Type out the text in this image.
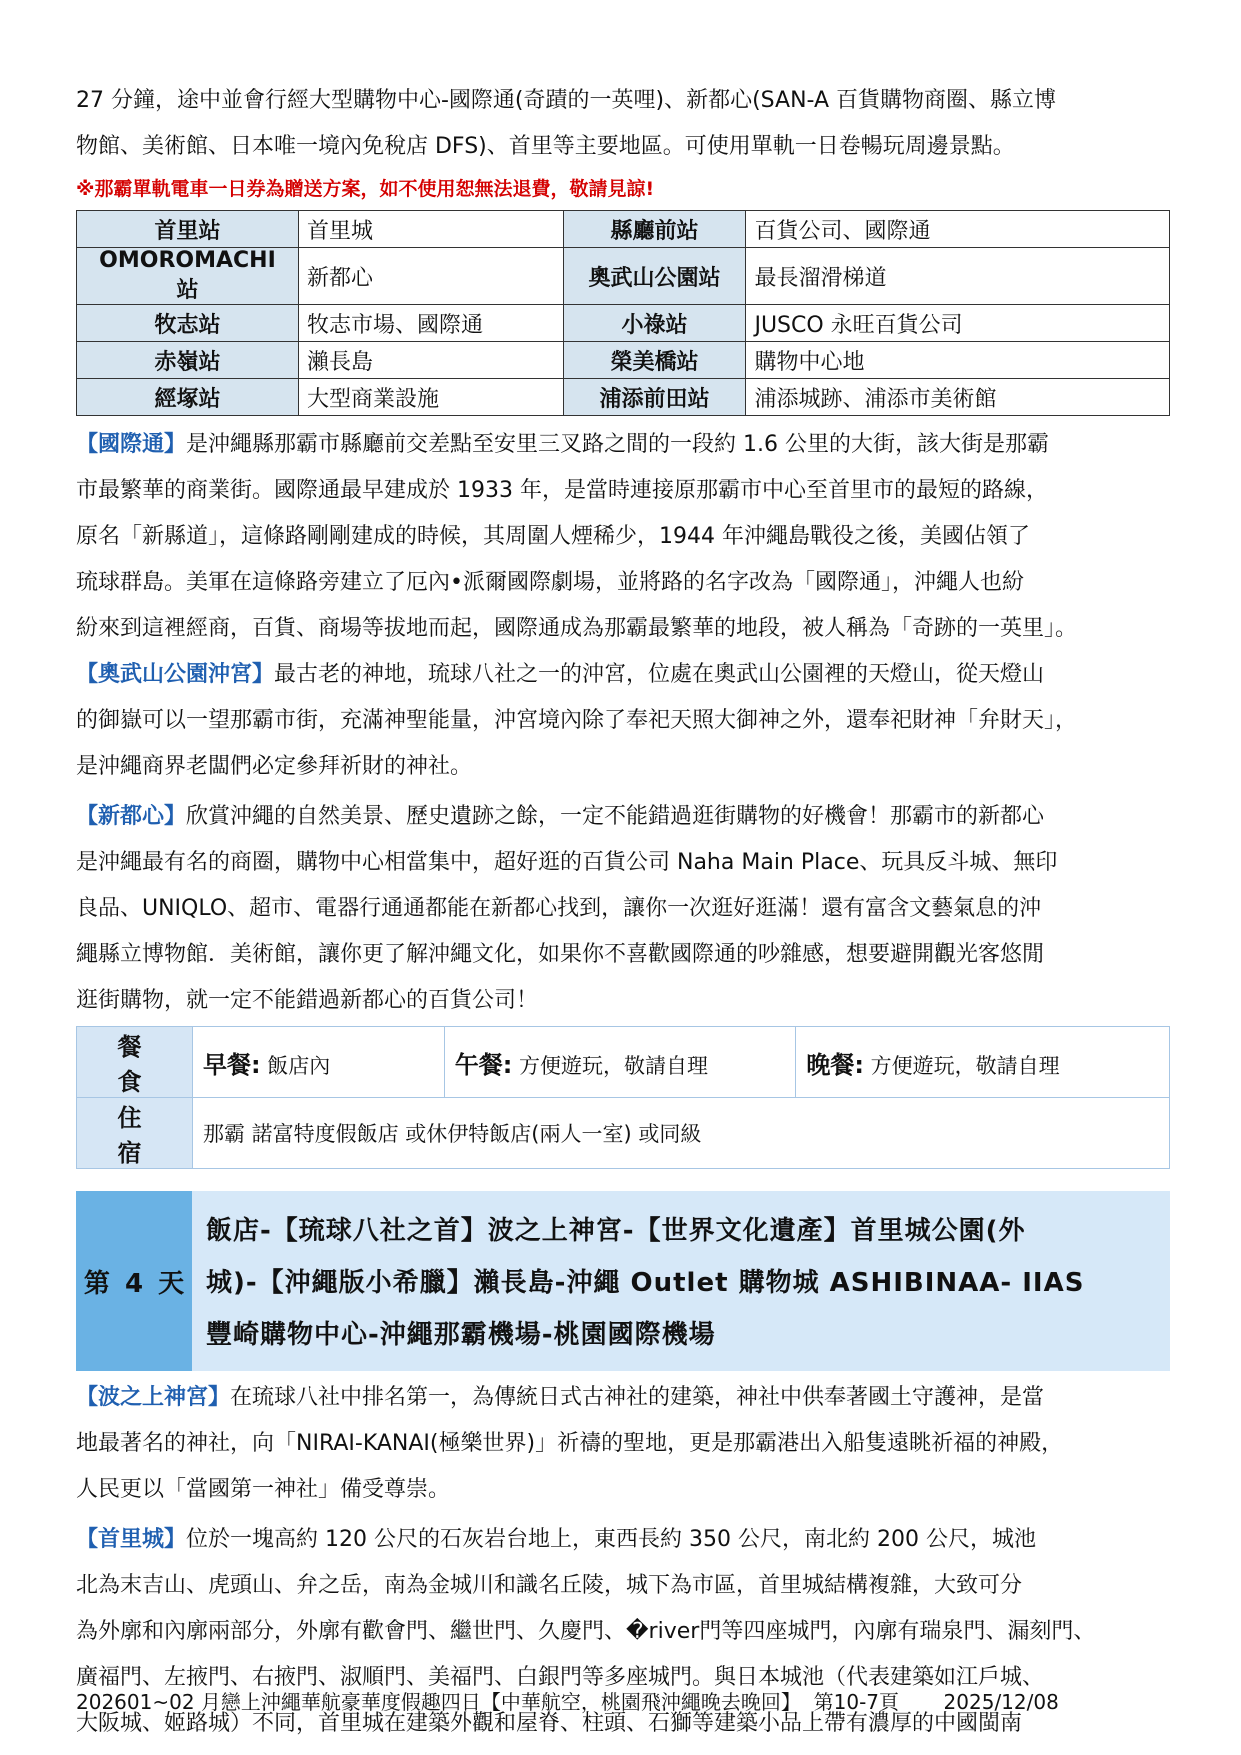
27 分鐘，途中並會行經大型購物中心-國際通(奇蹟的一英哩)、新都心(SAN-A 百貨購物商圈、縣立博
物館、美術館、日本唯一境內免稅店 DFS)、首里等主要地區。可使用單軌一日卷暢玩周邊景點。

※那霸單軌電車一日券為贈送方案，如不使用恕無法退費，敬請見諒!
首里站	首里城	縣廳前站	百貨公司、國際通
OMOROMACHI 站	新都心	奧武山公園站	最長溜滑梯道
牧志站	牧志市場、國際通	小祿站	JUSCO 永旺百貨公司
赤嶺站	瀨長島	榮美橋站	購物中心地
經塚站	大型商業設施	浦添前田站	浦添城跡、浦添市美術館

【國際通】是沖繩縣那霸市縣廳前交差點至安里三叉路之間的一段約 1.6 公里的大街，該大街是那霸
市最繁華的商業街。國際通最早建成於 1933 年，是當時連接原那霸市中心至首里市的最短的路線，
原名「新縣道」，這條路剛剛建成的時候，其周圍人煙稀少，1944 年沖繩島戰役之後，美國佔領了
琉球群島。美軍在這條路旁建立了厄內•派爾國際劇場，並將路的名字改為「國際通」，沖繩人也紛
紛來到這裡經商，百貨、商場等拔地而起，國際通成為那霸最繁華的地段，被人稱為「奇跡的一英里」。

【奧武山公園沖宮】最古老的神地，琉球八社之一的沖宮，位處在奧武山公園裡的天燈山，從天燈山
的御嶽可以一望那霸市街，充滿神聖能量，沖宮境內除了奉祀天照大御神之外，還奉祀財神「弁財天」，
是沖繩商界老闆們必定參拜祈財的神社。

【新都心】欣賞沖繩的自然美景、歷史遺跡之餘，一定不能錯過逛街購物的好機會！那霸市的新都心
是沖繩最有名的商圈，購物中心相當集中，超好逛的百貨公司 Naha Main Place、玩具反斗城、無印
良品、UNIQLO、超市、電器行通通都能在新都心找到，讓你一次逛好逛滿！還有富含文藝氣息的沖
繩縣立博物館．美術館，讓你更了解沖繩文化，如果你不喜歡國際通的吵雜感，想要避開觀光客悠閒
逛街購物，就一定不能錯過新都心的百貨公司！

餐食	早餐: 飯店內	午餐: 方便遊玩，敬請自理	晚餐: 方便遊玩，敬請自理
住宿	那霸 諾富特度假飯店 或休伊特飯店(兩人一室) 或同級		
第 4 天
飯店-【琉球八社之首】波之上神宮-【世界文化遺產】首里城公園(外
城)-【沖繩版小希臘】瀨長島-沖繩 Outlet 購物城 ASHIBINAA- IIAS
豐崎購物中心-沖繩那霸機場-桃園國際機場

【波之上神宮】在琉球八社中排名第一，為傳統日式古神社的建築，神社中供奉著國土守護神，是當
地最著名的神社，向「NIRAI-KANAI(極樂世界)」祈禱的聖地，更是那霸港出入船隻遠眺祈福的神殿，
人民更以「當國第一神社」備受尊崇。

【首里城】位於一塊高約 120 公尺的石灰岩台地上，東西長約 350 公尺，南北約 200 公尺，城池
北為末吉山、虎頭山、弁之岳，南為金城川和識名丘陵，城下為市區，首里城結構複雜，大致可分
為外廓和內廓兩部分，外廓有歡會門、繼世門、久慶門、�river門等四座城門，內廓有瑞泉門、漏刻門、
廣福門、左掖門、右掖門、淑順門、美福門、白銀門等多座城門。與日本城池（代表建築如江戶城、
大阪城、姬路城）不同，首里城在建築外觀和屋脊、柱頭、石獅等建築小品上帶有濃厚的中國閩南

202601~02 月戀上沖繩華航豪華度假趣四日【中華航空，桃園飛沖繩晚去晚回】 第10-7頁 2025/12/08
